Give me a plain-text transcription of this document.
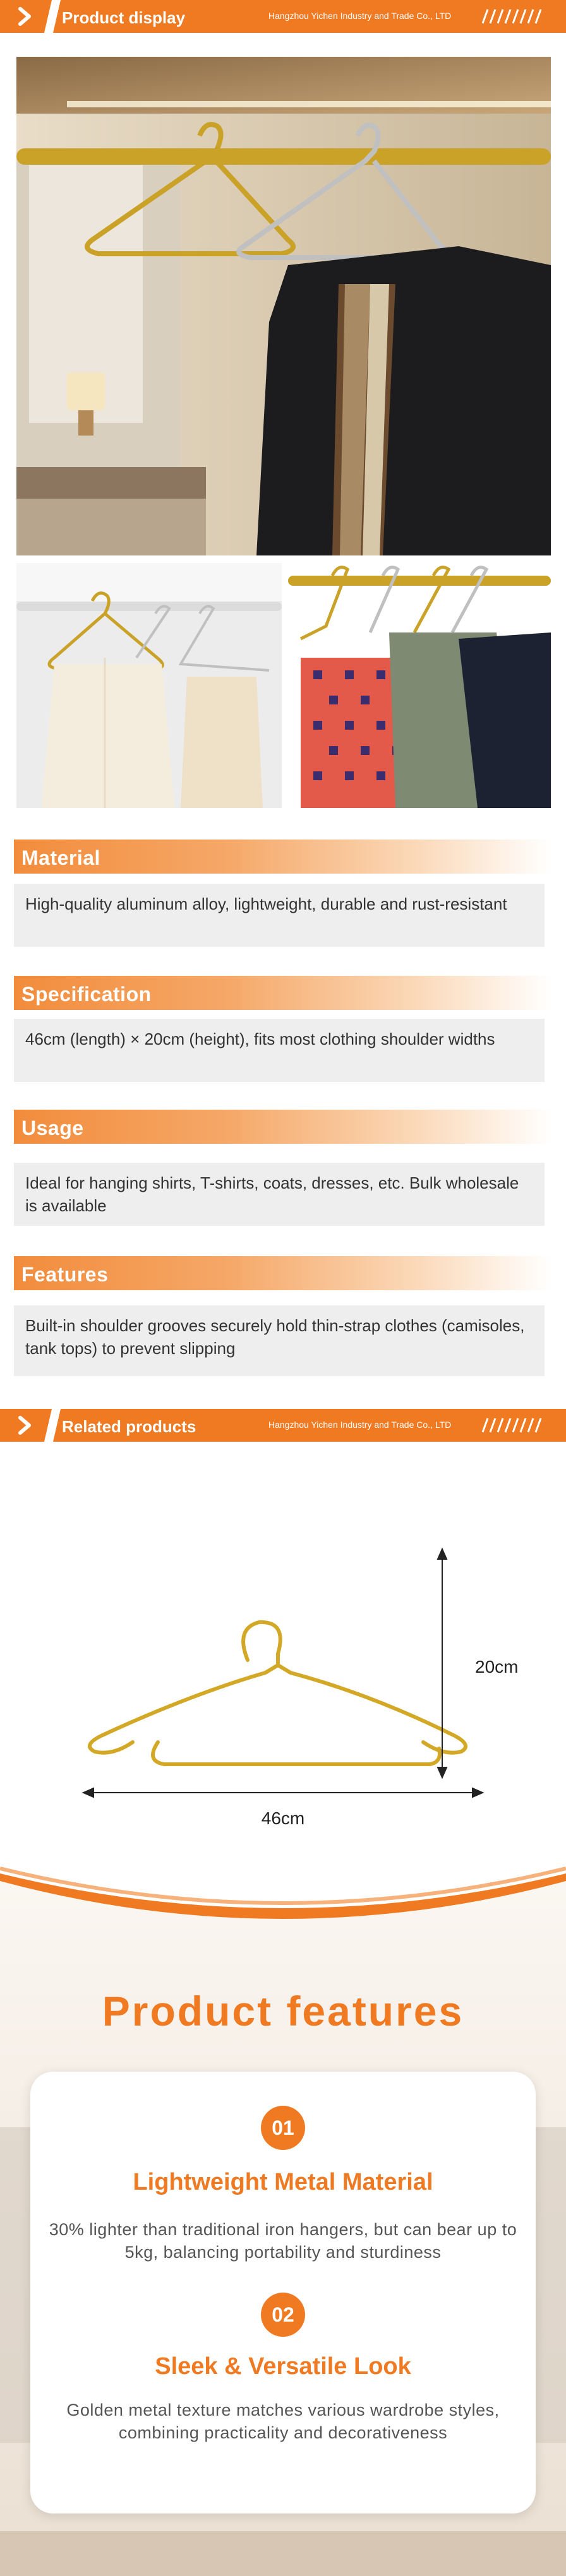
Product display	Hangzhou Yichen Industry and Trade Co., LTD
Material
High-quality aluminum alloy, lightweight, durable and rust-resistant
Specification
46cm (length) × 20cm (height), fits most clothing shoulder widths
Usage
Ideal for hanging shirts, T-shirts, coats, dresses, etc. Bulk wholesale is available
Features
Built-in shoulder grooves securely hold thin-strap clothes (camisoles, tank tops) to prevent slipping
Related products	Hangzhou Yichen Industry and Trade Co., LTD
20cm
46cm
Product features
01
Lightweight Metal Material
30% lighter than traditional iron hangers, but can bear up to 5kg, balancing portability and sturdiness
02
Sleek & Versatile Look
Golden metal texture matches various wardrobe styles, combining practicality and decorativeness
